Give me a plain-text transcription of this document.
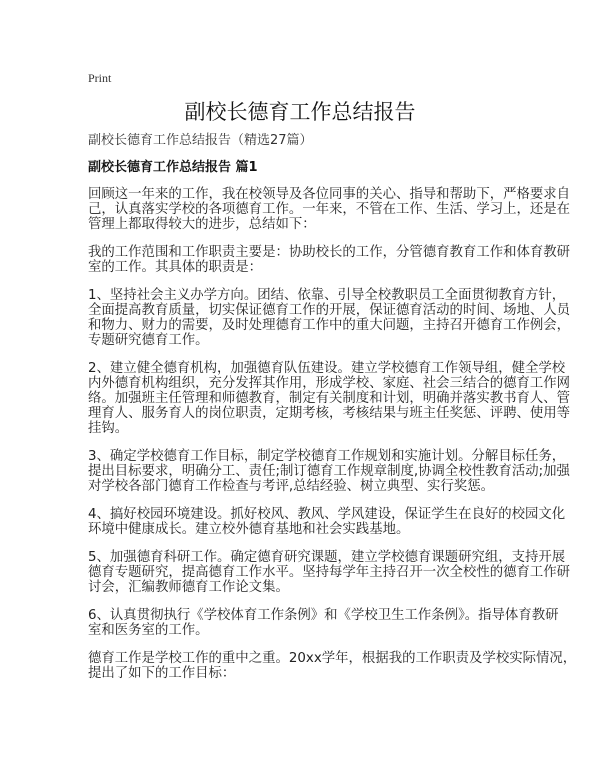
Print
副校长德育工作总结报告
副校长德育工作总结报告（精选27篇）
副校长德育工作总结报告 篇1

回顾这一年来的工作，我在校领导及各位同事的关心、指导和帮助下，严格要求自
己，认真落实学校的各项德育工作。一年来，不管在工作、生活、学习上，还是在
管理上都取得较大的进步，总结如下：

我的工作范围和工作职责主要是：协助校长的工作，分管德育教育工作和体育教研
室的工作。其具体的职责是：

1、坚持社会主义办学方向。团结、依靠、引导全校教职员工全面贯彻教育方针，
全面提高教育质量，切实保证德育工作的开展，保证德育活动的时间、场地、人员
和物力、财力的需要，及时处理德育工作中的重大问题，主持召开德育工作例会，
专题研究德育工作。

2、建立健全德育机构，加强德育队伍建设。建立学校德育工作领导组，健全学校
内外德育机构组织，充分发挥其作用，形成学校、家庭、社会三结合的德育工作网
络。加强班主任管理和师德教育，制定有关制度和计划，明确并落实教书育人、管
理育人、服务育人的岗位职责，定期考核，考核结果与班主任奖惩、评聘、使用等
挂钩。

3、确定学校德育工作目标，制定学校德育工作规划和实施计划。分解目标任务，
提出目标要求，明确分工、责任;制订德育工作规章制度,协调全校性教育活动;加强
对学校各部门德育工作检查与考评,总结经验、树立典型、实行奖惩。

4、搞好校园环境建设。抓好校风、教风、学风建设，保证学生在良好的校园文化
环境中健康成长。建立校外德育基地和社会实践基地。

5、加强德育科研工作。确定德育研究课题，建立学校德育课题研究组，支持开展
德育专题研究，提高德育工作水平。坚持每学年主持召开一次全校性的德育工作研
讨会，汇编教师德育工作论文集。

6、认真贯彻执行《学校体育工作条例》和《学校卫生工作条例》。指导体育教研
室和医务室的工作。

德育工作是学校工作的重中之重。20xx学年，根据我的工作职责及学校实际情况，
提出了如下的工作目标：
